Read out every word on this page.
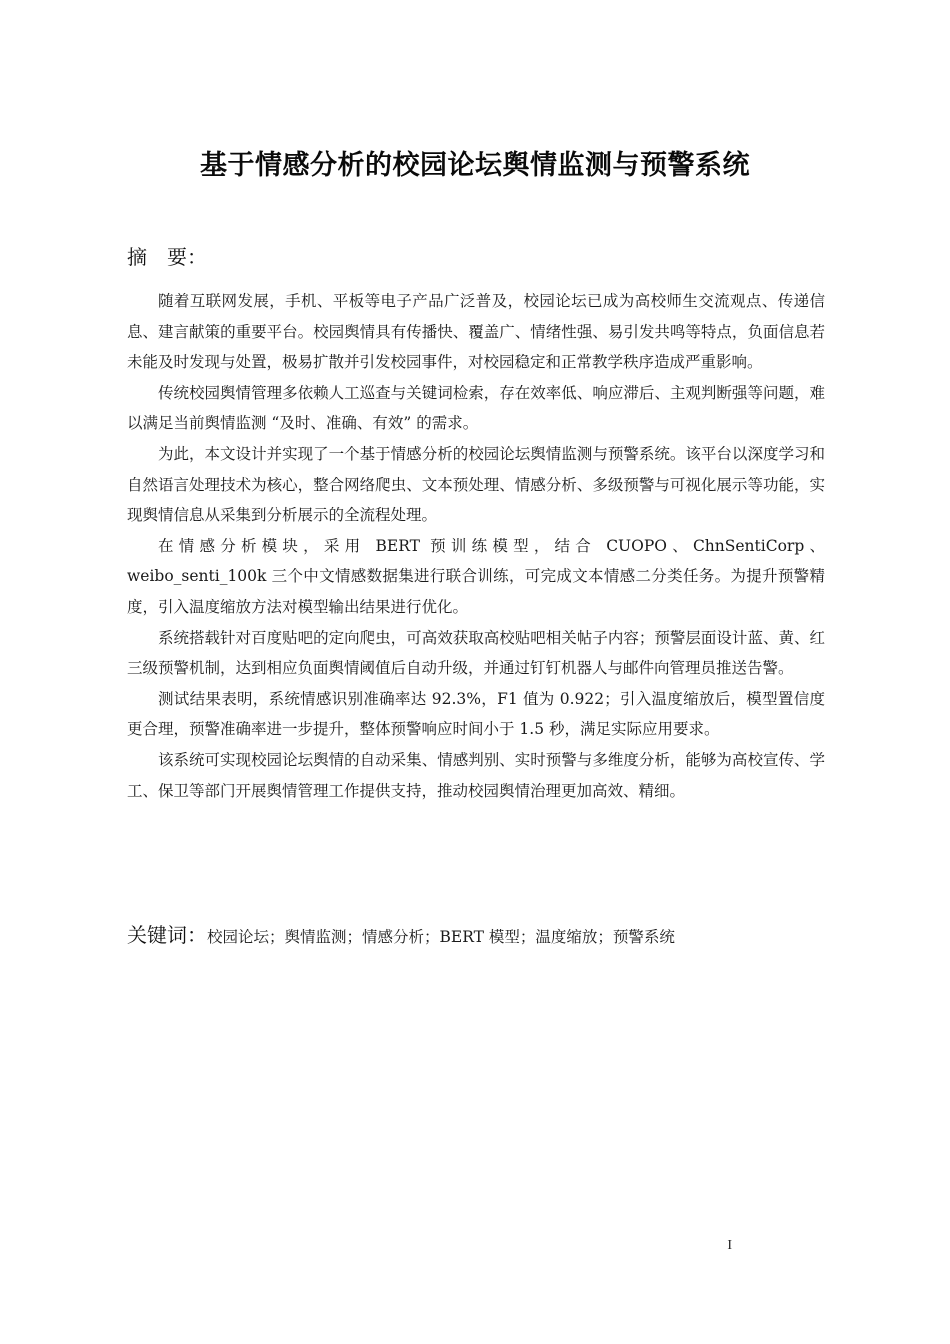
基于情感分析的校园论坛舆情监测与预警系统
摘　要：

随着互联网发展，手机、平板等电子产品广泛普及，校园论坛已成为高校师生交流观点、传递信息、建言献策的重要平台。校园舆情具有传播快、覆盖广、情绪性强、易引发共鸣等特点，负面信息若未能及时发现与处置，极易扩散并引发校园事件，对校园稳定和正常教学秩序造成严重影响。

传统校园舆情管理多依赖人工巡查与关键词检索，存在效率低、响应滞后、主观判断强等问题，难以满足当前舆情监测 “及时、准确、有效” 的需求。

为此，本文设计并实现了一个基于情感分析的校园论坛舆情监测与预警系统。该平台以深度学习和自然语言处理技术为核心，整合网络爬虫、文本预处理、情感分析、多级预警与可视化展示等功能，实现舆情信息从采集到分析展示的全流程处理。

在情感分析模块，采用 BERT 预训练模型，结合 CUOPO、ChnSentiCorp、weibo_senti_100k 三个中文情感数据集进行联合训练，可完成文本情感二分类任务。为提升预警精度，引入温度缩放方法对模型输出结果进行优化。

系统搭载针对百度贴吧的定向爬虫，可高效获取高校贴吧相关帖子内容；预警层面设计蓝、黄、红三级预警机制，达到相应负面舆情阈值后自动升级，并通过钉钉机器人与邮件向管理员推送告警。

测试结果表明，系统情感识别准确率达 92.3%，F1 值为 0.922；引入温度缩放后，模型置信度更合理，预警准确率进一步提升，整体预警响应时间小于 1.5 秒，满足实际应用要求。

该系统可实现校园论坛舆情的自动采集、情感判别、实时预警与多维度分析，能够为高校宣传、学工、保卫等部门开展舆情管理工作提供支持，推动校园舆情治理更加高效、精细。

关键词：校园论坛；舆情监测；情感分析；BERT 模型；温度缩放；预警系统
I
